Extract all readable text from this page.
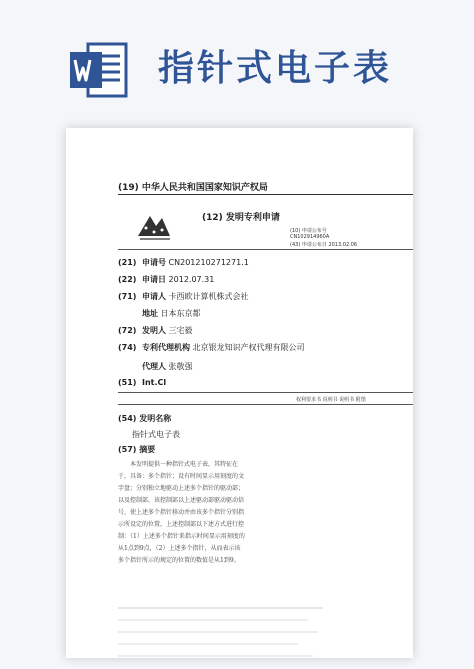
指针式电子表
(19) 中华人民共和国国家知识产权局
(12) 发明专利申请
(10) 申请公布号
CN102914960A
(43) 申请公布日 2013.02.06
(21) 申请号 CN201210271271.1
(22) 申请日 2012.07.31
(71) 申请人 卡西欧计算机株式会社
地址 日本东京都
(72) 发明人 三宅毅
(74) 专利代理机构 北京银龙知识产权代理有限公司
代理人 张敬强
(51) Int.Cl
权利要求书 说明书 说明书 附图
(54) 发明名称
指针式电子表
(57) 摘要

本发明提供一种指针式电子表，其特征在

于，具备：多个指针；设有时间显示用刻度的文

字盘；分别独立地驱动上述多个指针的驱动部；

以及控制部，该控制部以上述驱动部驱动驱动信

号，使上述多个指针移动并由该多个指针分别指

示所设定的位置，上述控制部以下述方式进行控

制：（1）上述多个指针来指示时间显示用刻度的

从1点到9点，（2）上述多个指针，从而表示该

多个指针所示的规定的位置的数值是从1到9。
